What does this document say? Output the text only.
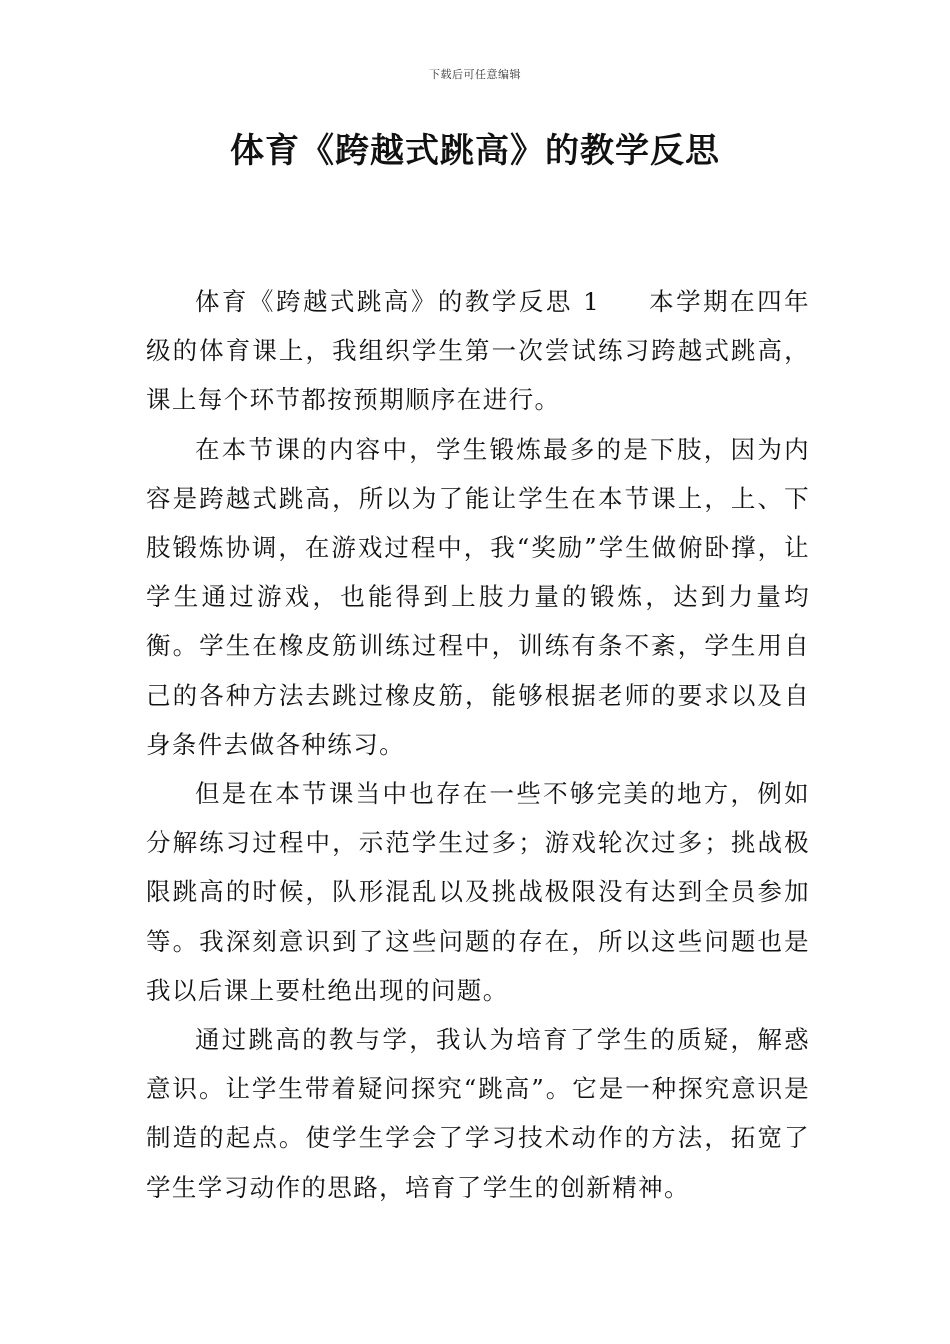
下载后可任意编辑
体育《跨越式跳高》的教学反思

体育《跨越式跳高》的教学反思 1 本学期在四年级的体育课上，我组织学生第一次尝试练习跨越式跳高，课上每个环节都按预期顺序在进行。

在本节课的内容中，学生锻炼最多的是下肢，因为内容是跨越式跳高，所以为了能让学生在本节课上，上、下肢锻炼协调，在游戏过程中，我“奖励”学生做俯卧撑，让学生通过游戏，也能得到上肢力量的锻炼，达到力量均衡。学生在橡皮筋训练过程中，训练有条不紊，学生用自己的各种方法去跳过橡皮筋，能够根据老师的要求以及自身条件去做各种练习。

但是在本节课当中也存在一些不够完美的地方，例如分解练习过程中，示范学生过多；游戏轮次过多；挑战极限跳高的时候，队形混乱以及挑战极限没有达到全员参加等。我深刻意识到了这些问题的存在，所以这些问题也是我以后课上要杜绝出现的问题。

通过跳高的教与学，我认为培育了学生的质疑，解惑意识。让学生带着疑问探究“跳高”。它是一种探究意识是制造的起点。使学生学会了学习技术动作的方法，拓宽了学生学习动作的思路，培育了学生的创新精神。
